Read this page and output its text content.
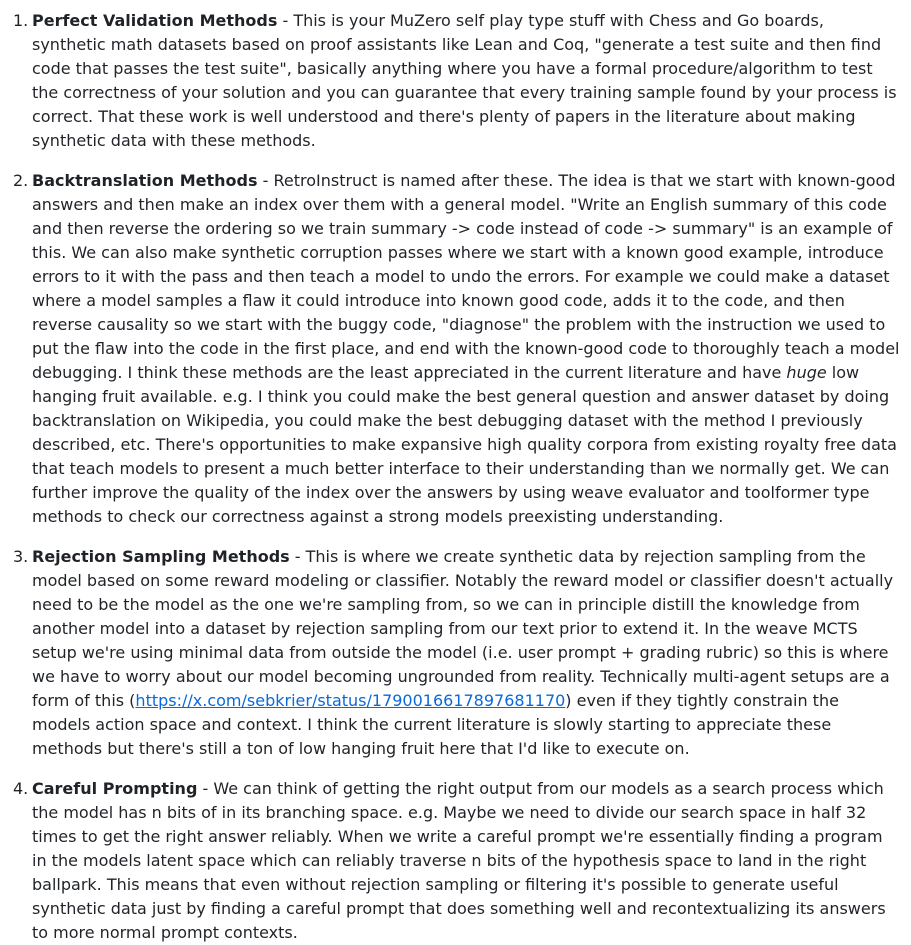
1. Perfect Validation Methods - This is your MuZero self play type stuff with Chess and Go boards, synthetic math datasets based on proof assistants like Lean and Coq, "generate a test suite and then find code that passes the test suite", basically anything where you have a formal procedure/algorithm to test the correctness of your solution and you can guarantee that every training sample found by your process is correct. That these work is well understood and there's plenty of papers in the literature about making synthetic data with these methods.
2. Backtranslation Methods - RetroInstruct is named after these. The idea is that we start with known-good answers and then make an index over them with a general model. "Write an English summary of this code and then reverse the ordering so we train summary -> code instead of code -> summary" is an example of this. We can also make synthetic corruption passes where we start with a known good example, introduce errors to it with the pass and then teach a model to undo the errors. For example we could make a dataset where a model samples a flaw it could introduce into known good code, adds it to the code, and then reverse causality so we start with the buggy code, "diagnose" the problem with the instruction we used to put the flaw into the code in the first place, and end with the known-good code to thoroughly teach a model debugging. I think these methods are the least appreciated in the current literature and have huge low hanging fruit available. e.g. I think you could make the best general question and answer dataset by doing backtranslation on Wikipedia, you could make the best debugging dataset with the method I previously described, etc. There's opportunities to make expansive high quality corpora from existing royalty free data that teach models to present a much better interface to their understanding than we normally get. We can further improve the quality of the index over the answers by using weave evaluator and toolformer type methods to check our correctness against a strong models preexisting understanding.
3. Rejection Sampling Methods - This is where we create synthetic data by rejection sampling from the model based on some reward modeling or classifier. Notably the reward model or classifier doesn't actually need to be the model as the one we're sampling from, so we can in principle distill the knowledge from another model into a dataset by rejection sampling from our text prior to extend it. In the weave MCTS setup we're using minimal data from outside the model (i.e. user prompt + grading rubric) so this is where we have to worry about our model becoming ungrounded from reality. Technically multi-agent setups are a form of this (https://x.com/sebkrier/status/1790016617897681170) even if they tightly constrain the models action space and context. I think the current literature is slowly starting to appreciate these methods but there's still a ton of low hanging fruit here that I'd like to execute on.
4. Careful Prompting - We can think of getting the right output from our models as a search process which the model has n bits of in its branching space. e.g. Maybe we need to divide our search space in half 32 times to get the right answer reliably. When we write a careful prompt we're essentially finding a program in the models latent space which can reliably traverse n bits of the hypothesis space to land in the right ballpark. This means that even without rejection sampling or filtering it's possible to generate useful synthetic data just by finding a careful prompt that does something well and recontextualizing its answers to more normal prompt contexts.
